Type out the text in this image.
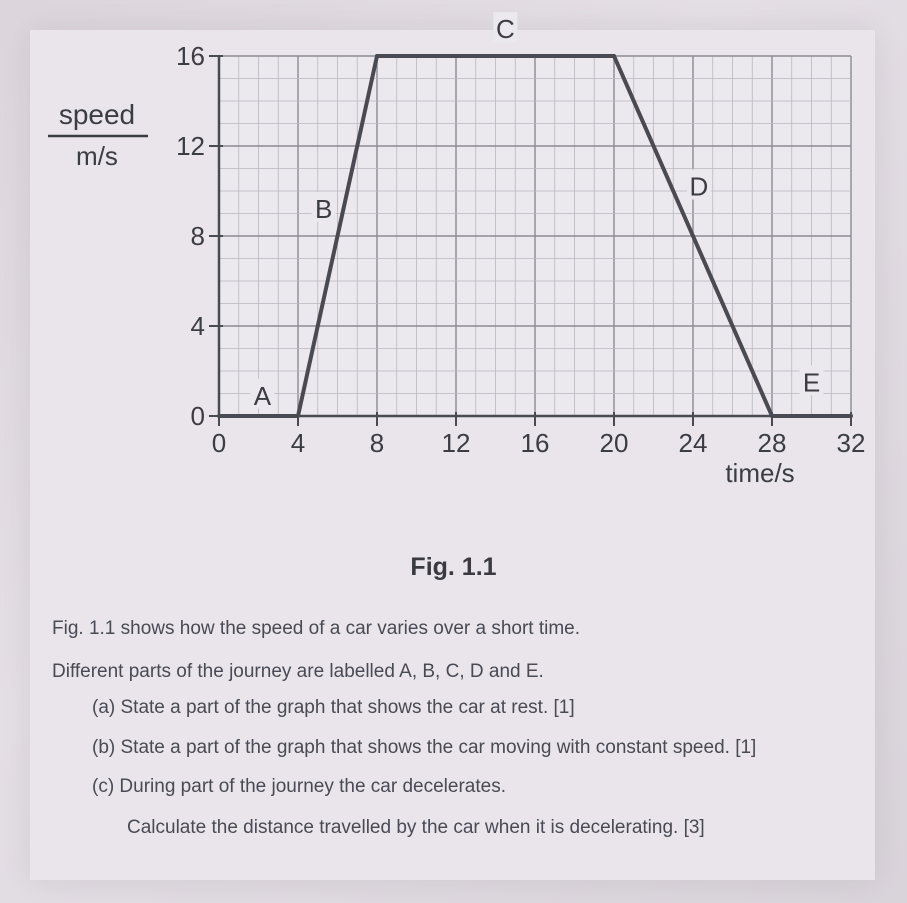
0 4 8 12 16 20 24 28 32
0
4
8
12
16
A
B
C
D
E
speed
m/s
time/s
Fig. 1.1
Fig. 1.1 shows how the speed of a car varies over a short time.
Different parts of the journey are labelled A, B, C, D and E.
(a) State a part of the graph that shows the car at rest. [1]
(b) State a part of the graph that shows the car moving with constant speed. [1]
(c) During part of the journey the car decelerates.
Calculate the distance travelled by the car when it is decelerating. [3]
